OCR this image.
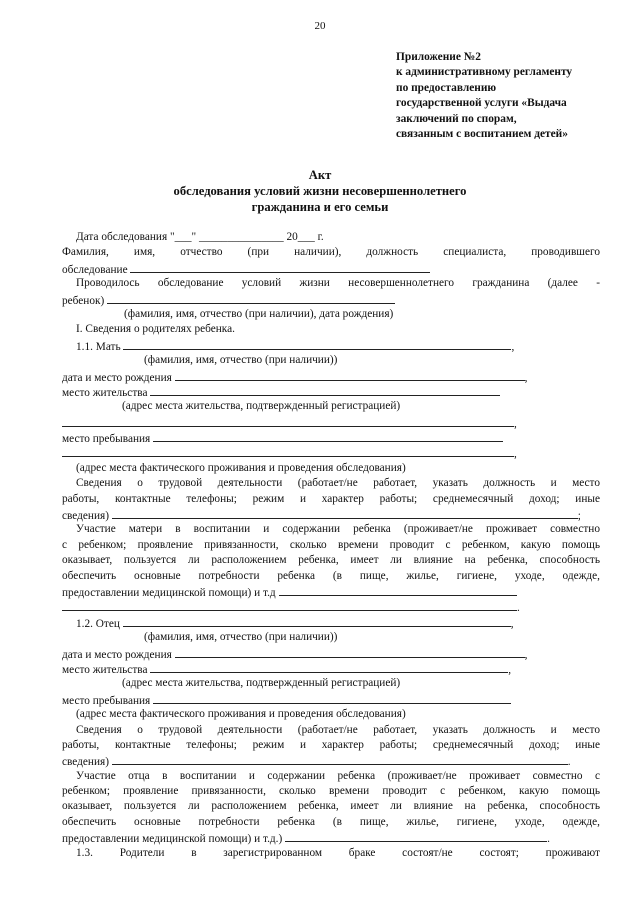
20
Приложение №2
к административному регламенту
по предоставлению
государственной услуги «Выдача
заключений по спорам,
связанным с воспитанием детей»
Акт
обследования условий жизни несовершеннолетнего
гражданина и его семьи
Дата обследования "___" _______________ 20___ г.
Фамилия, имя, отчество (при наличии), должность специалиста, проводившего
обследование
Проводилось обследование условий жизни несовершеннолетнего гражданина (далее -
ребенок)
(фамилия, имя, отчество (при наличии), дата рождения)
I. Сведения о родителях ребенка.
1.1. Мать	,
(фамилия, имя, отчество (при наличии))
дата и место рождения	,
место жительства
(адрес места жительства, подтвержденный регистрацией)
,
место пребывания
,
(адрес места фактического проживания и проведения обследования)
Сведения о трудовой деятельности (работает/не работает, указать должность и место
работы, контактные телефоны; режим и характер работы; среднемесячный доход; иные
сведения)	;
Участие матери в воспитании и содержании ребенка (проживает/не проживает совместно
с ребенком; проявление привязанности, сколько времени проводит с ребенком, какую помощь
оказывает, пользуется ли расположением ребенка, имеет ли влияние на ребенка, способность
обеспечить основные потребности ребенка (в пище, жилье, гигиене, уходе, одежде,
предоставлении медицинской помощи) и т.д
.
1.2. Отец	,
(фамилия, имя, отчество (при наличии))
дата и место рождения	,
место жительства	,
(адрес места жительства, подтвержденный регистрацией)
место пребывания
(адрес места фактического проживания и проведения обследования)
Сведения о трудовой деятельности (работает/не работает, указать должность и место
работы, контактные телефоны; режим и характер работы; среднемесячный доход; иные
сведения)	.
Участие отца в воспитании и содержании ребенка (проживает/не проживает совместно с
ребенком; проявление привязанности, сколько времени проводит с ребенком, какую помощь
оказывает, пользуется ли расположением ребенка, имеет ли влияние на ребенка, способность
обеспечить основные потребности ребенка (в пище, жилье, гигиене, уходе, одежде,
предоставлении медицинской помощи) и т.д.)	.
1.3. Родители в зарегистрированном браке состоят/не состоят; проживают
